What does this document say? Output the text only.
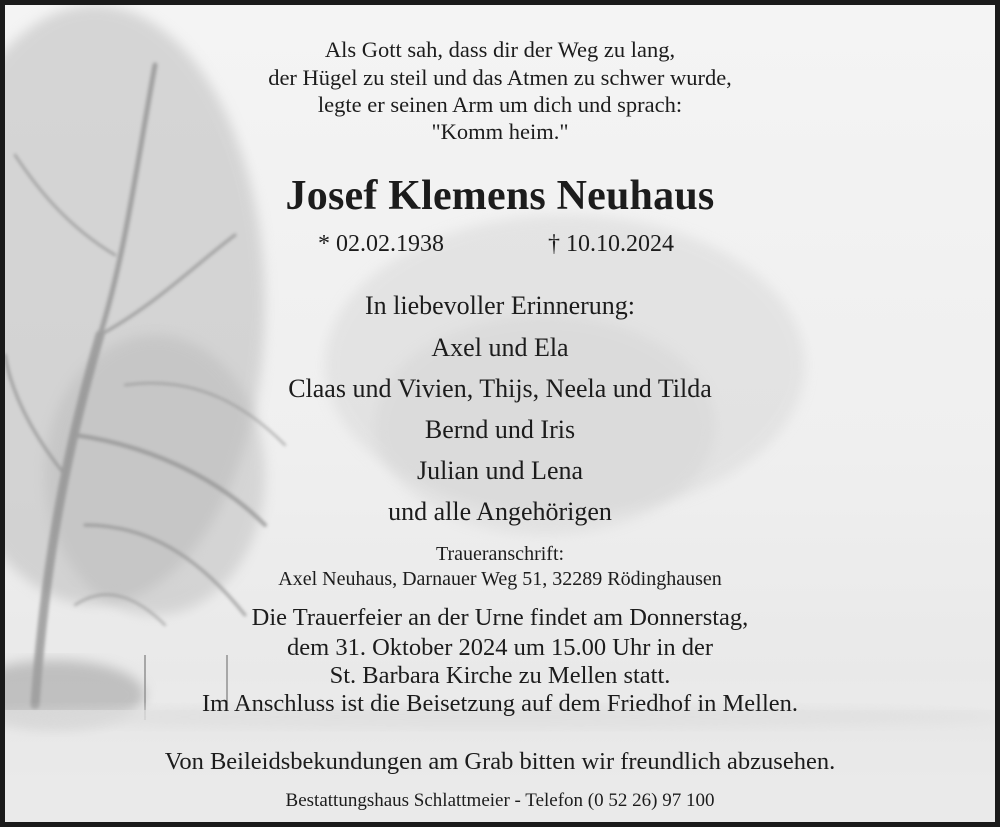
Als Gott sah, dass dir der Weg zu lang,
der Hügel zu steil und das Atmen zu schwer wurde,
legte er seinen Arm um dich und sprach:
"Komm heim."
Josef Klemens Neuhaus
* 02.02.1938	† 10.10.2024
In liebevoller Erinnerung:
Axel und Ela
Claas und Vivien, Thijs, Neela und Tilda
Bernd und Iris
Julian und Lena
und alle Angehörigen
Traueranschrift:
Axel Neuhaus, Darnauer Weg 51, 32289 Rödinghausen
Die Trauerfeier an der Urne findet am Donnerstag,
dem 31. Oktober 2024 um 15.00 Uhr in der
St. Barbara Kirche zu Mellen statt.
Im Anschluss ist die Beisetzung auf dem Friedhof in Mellen.
Von Beileidsbekundungen am Grab bitten wir freundlich abzusehen.
Bestattungshaus Schlattmeier - Telefon (0 52 26) 97 100
